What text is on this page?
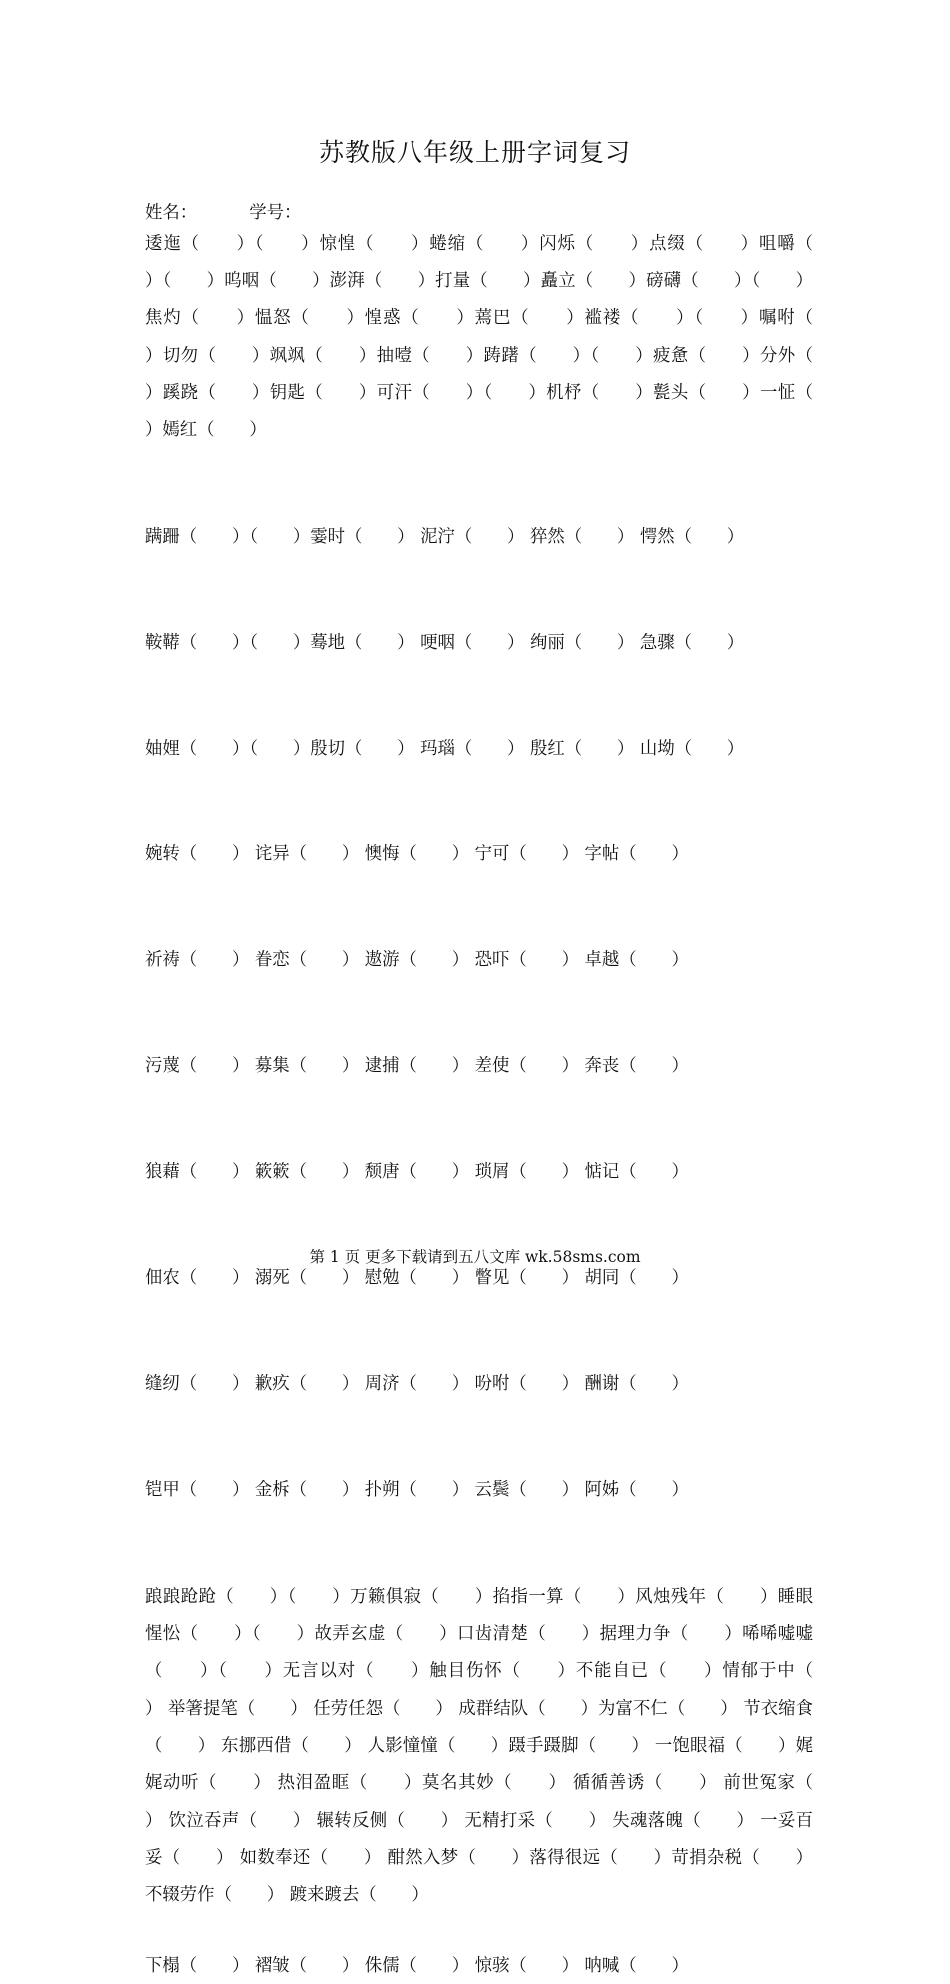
苏教版八年级上册字词复习
姓名：	学号：
逶迤（　　）（　　）惊惶（　　）蜷缩（　　）闪烁（　　）点缀（　　）咀嚼（　　）（　　）呜咽（　　）澎湃（　　）打量（　　）矗立（　　）磅礴（　　）（　　）焦灼（　　）愠怒（　　）惶惑（　　）蔫巴（　　）褴褛（　　）（　　）嘱咐（　　）切勿（　　）飒飒（　　）抽噎（　　）踌躇（　　）（　　）疲惫（　　）分外（　　）蹊跷（　　）钥匙（　　）可汗（　　）（　　）机杼（　　）甏头（　　）一怔（　　）嫣红（　　）

蹒跚（　　）（　　）霎时（　　） 泥泞（　　） 猝然（　　） 愕然（　　）

鞍鞯（　　）（　　）蓦地（　　） 哽咽（　　） 绚丽（　　） 急骤（　　）

妯娌（　　）（　　）殷切（　　） 玛瑙（　　） 殷红（　　） 山坳（　　）

婉转（　　） 诧异（　　） 懊悔（　　） 宁可（　　） 字帖（　　）

祈祷（　　） 眷恋（　　） 遨游（　　） 恐吓（　　） 卓越（　　）

污蔑（　　） 募集（　　） 逮捕（　　） 差使（　　） 奔丧（　　）

狼藉（　　） 簌簌（　　） 颓唐（　　） 琐屑（　　） 惦记（　　）

佃农（　　） 溺死（　　） 慰勉（　　） 瞥见（　　） 胡同（　　）

缝纫（　　） 歉疚（　　） 周济（　　） 吩咐（　　） 酬谢（　　）

铠甲（　　） 金柝（　　） 扑朔（　　） 云鬓（　　） 阿姊（　　）

踉踉跄跄（　　）（　　）万籁俱寂（　　）掐指一算（　　）风烛残年（　　）睡眼惺忪（　　）（　　）故弄玄虚（　　）口齿清楚（　　）据理力争（　　）唏唏嘘嘘（　　）（　　）无言以对（　　）触目伤怀（　　）不能自已（　　）情郁于中（　　） 举箸提笔（　　） 任劳任怨（　　） 成群结队（　　）为富不仁（　　） 节衣缩食（　　） 东挪西借（　　） 人影憧憧（　　）蹑手蹑脚（　　） 一饱眼福（　　）娓娓动听（　　） 热泪盈眶（　　）莫名其妙（　　） 循循善诱（　　） 前世冤家（　　） 饮泣吞声（　　） 辗转反侧（　　） 无精打采（　　） 失魂落魄（　　） 一妥百妥（　　） 如数奉还（　　） 酣然入梦（　　）落得很远（　　）苛捐杂税（　　）不辍劳作（　　） 踱来踱去（　　）
下榻（　　） 褶皱（　　） 侏儒（　　） 惊骇（　　） 呐喊（　　）
第 1 页 更多下载请到五八文库 wk.58sms.com
